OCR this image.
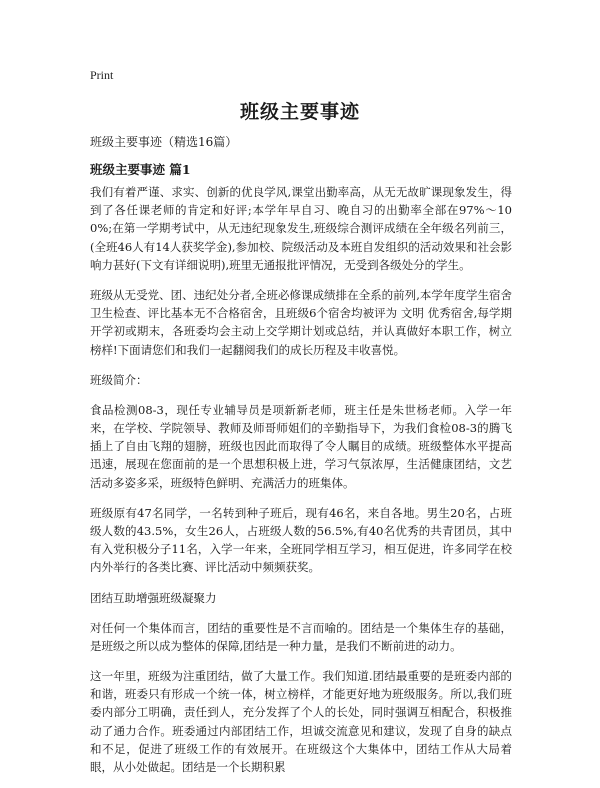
Print
班级主要事迹
班级主要事迹（精选16篇）
班级主要事迹 篇1

我们有着严谨、求实、创新的优良学风,课堂出勤率高，从无无故旷课现象发生，得到了各任课老师的肯定和好评;本学年早自习、晚自习的出勤率全部在97%～100%;在第一学期考试中，从无违纪现象发生,班级综合测评成绩在全年级名列前三，(全班46人有14人获奖学金),参加校、院级活动及本班自发组织的活动效果和社会影响力甚好(下文有详细说明),班里无通报批评情况，无受到各级处分的学生。

班级从无受党、团、违纪处分者,全班必修课成绩排在全系的前列,本学年度学生宿舍卫生检查、评比基本无不合格宿舍，且班级6个宿舍均被评为 文明 优秀宿舍,每学期开学初或期末，各班委均会主动上交学期计划或总结，并认真做好本职工作，树立榜样!下面请您们和我们一起翻阅我们的成长历程及丰收喜悦。

班级简介：

食品检测08-3，现任专业辅导员是项新新老师，班主任是朱世杨老师。入学一年来，在学校、学院领导、教师及师哥师姐们的辛勤指导下，为我们食检08-3的腾飞插上了自由飞翔的翅膀，班级也因此而取得了令人瞩目的成绩。班级整体水平提高迅速，展现在您面前的是一个思想积极上进，学习气氛浓厚，生活健康团结，文艺活动多姿多采，班级特色鲜明、充满活力的班集体。

班级原有47名同学，一名转到种子班后，现有46名，来自各地。男生20名，占班级人数的43.5%，女生26人，占班级人数的56.5%,有40名优秀的共青团员，其中有入党积极分子11名，入学一年来，全班同学相互学习，相互促进，许多同学在校内外举行的各类比赛、评比活动中频频获奖。

团结互助增强班级凝聚力

对任何一个集体而言，团结的重要性是不言而喻的。团结是一个集体生存的基础，是班级之所以成为整体的保障,团结是一种力量，是我们不断前进的动力。

这一年里，班级为注重团结，做了大量工作。我们知道.团结最重要的是班委内部的和谐，班委只有形成一个统一体，树立榜样，才能更好地为班级服务。所以,我们班委内部分工明确，责任到人，充分发挥了个人的长处，同时强调互相配合，积极推动了通力合作。班委通过内部团结工作，坦诚交流意见和建议，发现了自身的缺点和不足，促进了班级工作的有效展开。在班级这个大集体中，团结工作从大局着眼，从小处做起。团结是一个长期积累
